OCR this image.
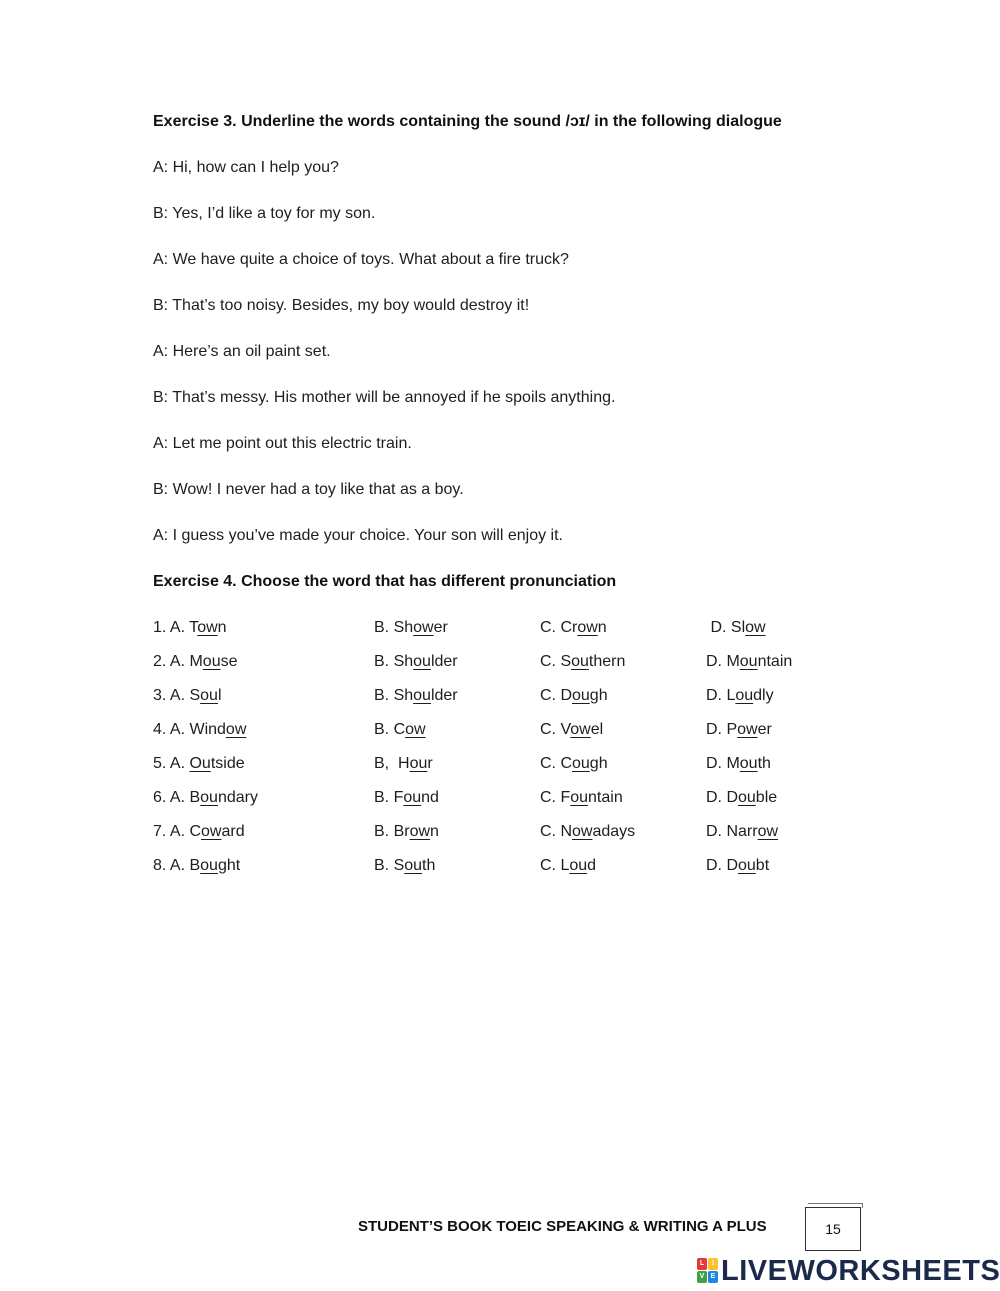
Exercise 3. Underline the words containing the sound /ɔɪ/ in the following dialogue
A: Hi, how can I help you?
B: Yes, I’d like a toy for my son.
A: We have quite a choice of toys. What about a fire truck?
B: That’s too noisy. Besides, my boy would destroy it!
A: Here’s an oil paint set.
B: That’s messy. His mother will be annoyed if he spoils anything.
A: Let me point out this electric train.
B: Wow! I never had a toy like that as a boy.
A: I guess you’ve made your choice. Your son will enjoy it.
Exercise 4. Choose the word that has different pronunciation
1. A. Town	B. Shower	C. Crown	D. Slow
2. A. Mouse	B. Shoulder	C. Southern	D. Mountain
3. A. Soul	B. Shoulder	C. Dough	D. Loudly
4. A. Window	B. Cow	C. Vowel	D. Power
5. A. Outside	B,  Hour	C. Cough	D. Mouth
6. A. Boundary	B. Found	C. Fountain	D. Double
7. A. Coward	B. Brown	C. Nowadays	D. Narrow
8. A. Bought	B. South	C. Loud	D. Doubt
STUDENT’S BOOK TOEIC SPEAKING & WRITING A PLUS	15
L	I
V E LIVEWORKSHEETS
